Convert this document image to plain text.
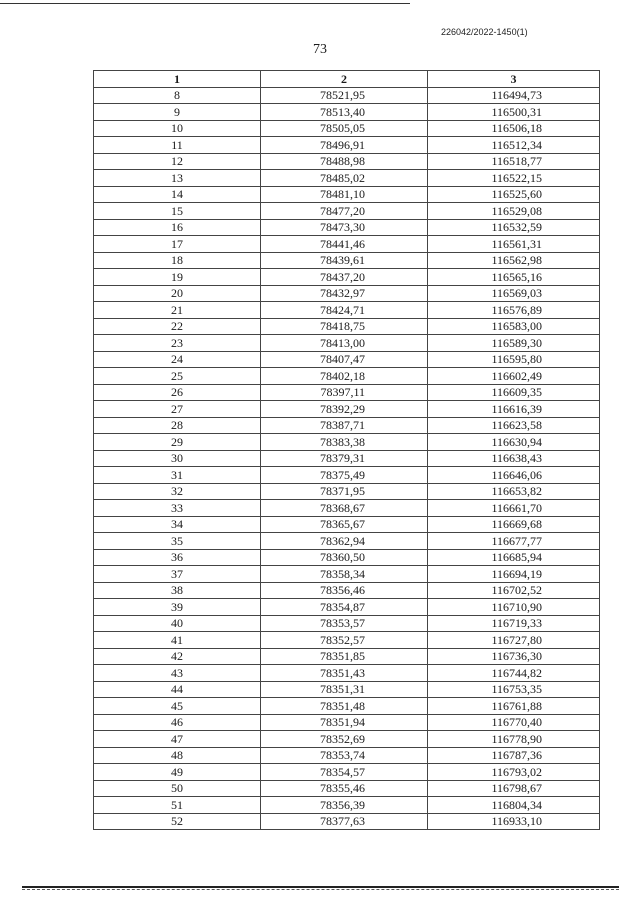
226042/2022-1450(1)
73
1	2	3
8	78521,95	116494,73
9	78513,40	116500,31
10	78505,05	116506,18
11	78496,91	116512,34
12	78488,98	116518,77
13	78485,02	116522,15
14	78481,10	116525,60
15	78477,20	116529,08
16	78473,30	116532,59
17	78441,46	116561,31
18	78439,61	116562,98
19	78437,20	116565,16
20	78432,97	116569,03
21	78424,71	116576,89
22	78418,75	116583,00
23	78413,00	116589,30
24	78407,47	116595,80
25	78402,18	116602,49
26	78397,11	116609,35
27	78392,29	116616,39
28	78387,71	116623,58
29	78383,38	116630,94
30	78379,31	116638,43
31	78375,49	116646,06
32	78371,95	116653,82
33	78368,67	116661,70
34	78365,67	116669,68
35	78362,94	116677,77
36	78360,50	116685,94
37	78358,34	116694,19
38	78356,46	116702,52
39	78354,87	116710,90
40	78353,57	116719,33
41	78352,57	116727,80
42	78351,85	116736,30
43	78351,43	116744,82
44	78351,31	116753,35
45	78351,48	116761,88
46	78351,94	116770,40
47	78352,69	116778,90
48	78353,74	116787,36
49	78354,57	116793,02
50	78355,46	116798,67
51	78356,39	116804,34
52	78377,63	116933,10
